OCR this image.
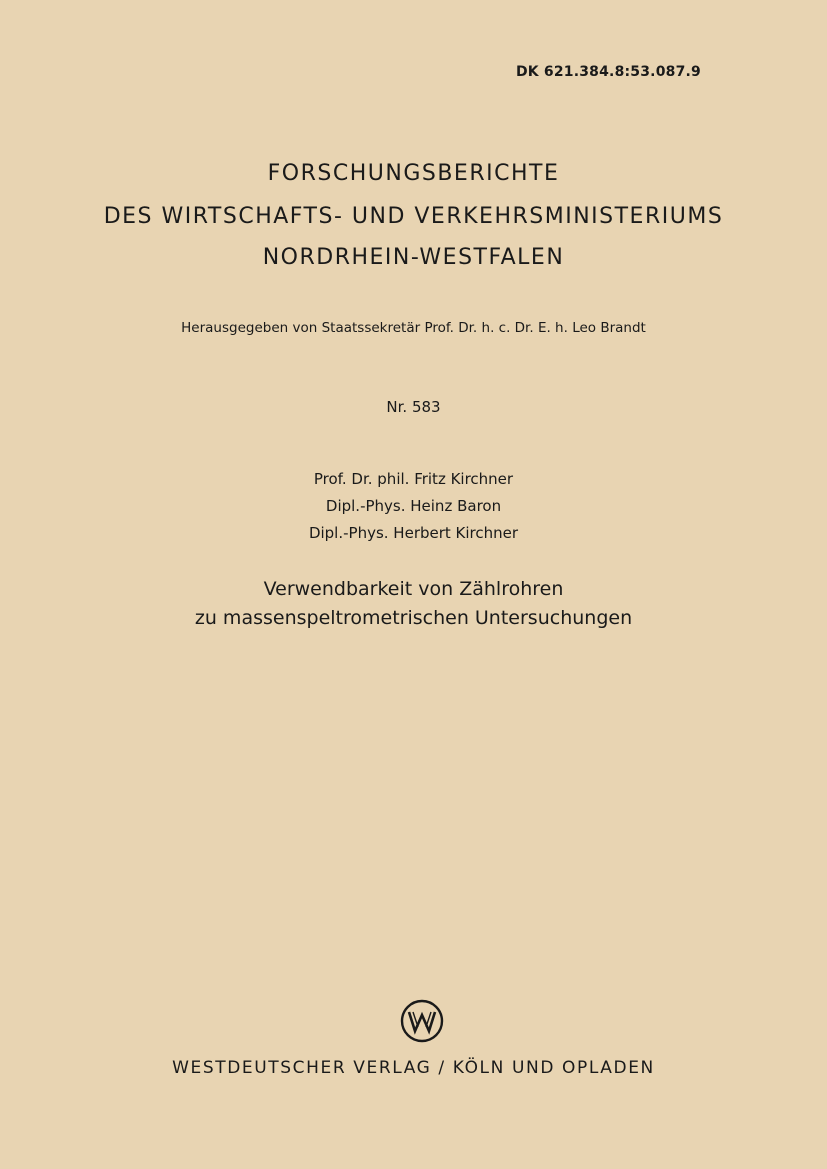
DK 621.384.8:53.087.9
FORSCHUNGSBERICHTE
DES WIRTSCHAFTS- UND VERKEHRSMINISTERIUMS
NORDRHEIN-WESTFALEN
Herausgegeben von Staatssekretär Prof. Dr. h. c. Dr. E. h. Leo Brandt
Nr. 583
Prof. Dr. phil. Fritz Kirchner
Dipl.-Phys. Heinz Baron
Dipl.-Phys. Herbert Kirchner
Verwendbarkeit von Zählrohren
zu massenspeltrometrischen Untersuchungen
WESTDEUTSCHER VERLAG / KÖLN UND OPLADEN
